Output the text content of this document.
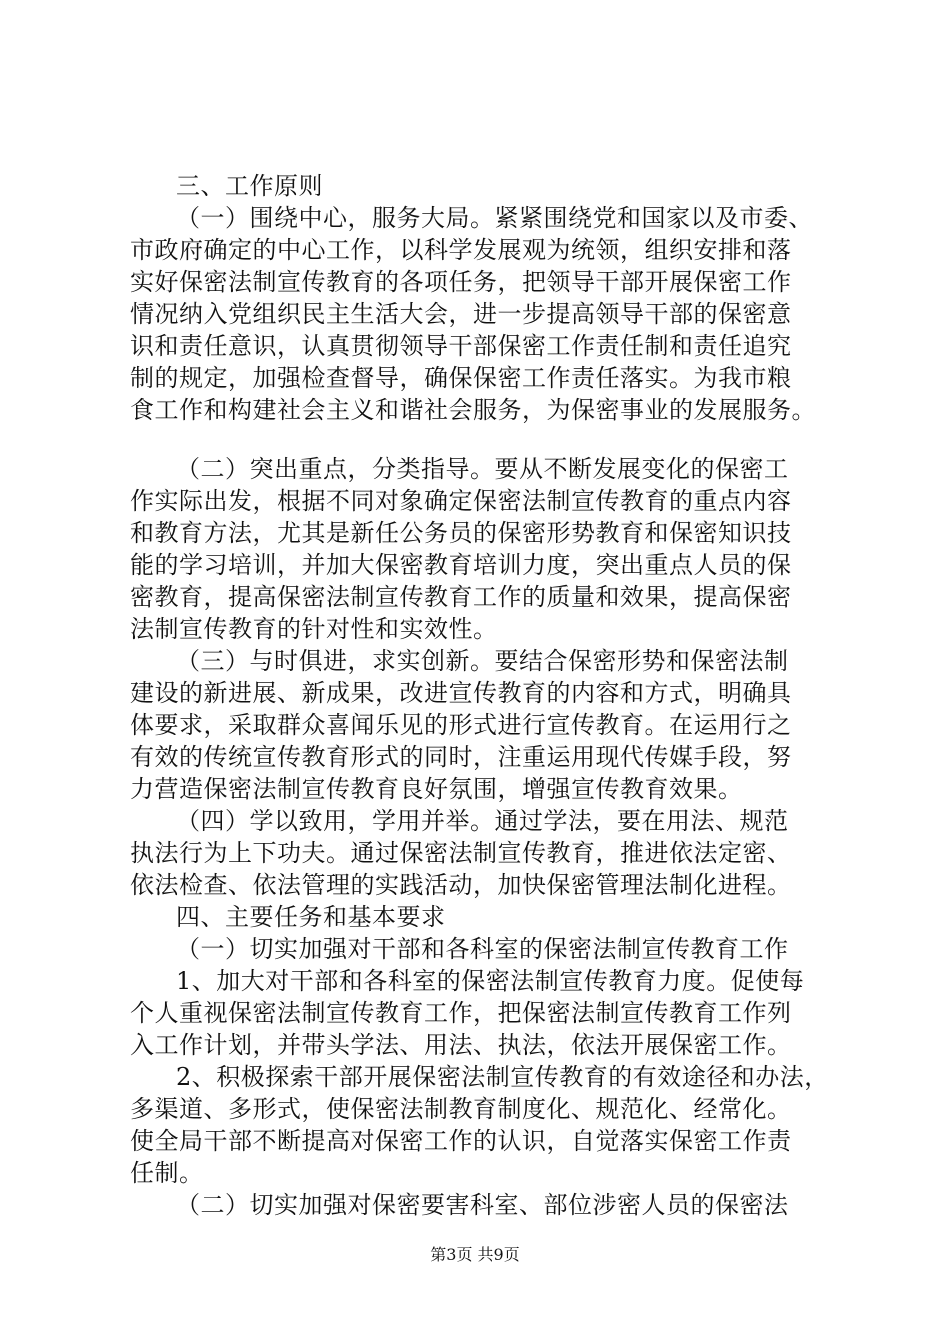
三、工作原则
（一）围绕中心，服务大局。紧紧围绕党和国家以及市委、
市政府确定的中心工作，以科学发展观为统领，组织安排和落
实好保密法制宣传教育的各项任务，把领导干部开展保密工作
情况纳入党组织民主生活大会，进一步提高领导干部的保密意
识和责任意识，认真贯彻领导干部保密工作责任制和责任追究
制的规定，加强检查督导，确保保密工作责任落实。为我市粮
食工作和构建社会主义和谐社会服务，为保密事业的发展服务。
（二）突出重点，分类指导。要从不断发展变化的保密工
作实际出发，根据不同对象确定保密法制宣传教育的重点内容
和教育方法，尤其是新任公务员的保密形势教育和保密知识技
能的学习培训，并加大保密教育培训力度，突出重点人员的保
密教育，提高保密法制宣传教育工作的质量和效果，提高保密
法制宣传教育的针对性和实效性。
（三）与时俱进，求实创新。要结合保密形势和保密法制
建设的新进展、新成果，改进宣传教育的内容和方式，明确具
体要求，采取群众喜闻乐见的形式进行宣传教育。在运用行之
有效的传统宣传教育形式的同时，注重运用现代传媒手段，努
力营造保密法制宣传教育良好氛围，增强宣传教育效果。
（四）学以致用，学用并举。通过学法，要在用法、规范
执法行为上下功夫。通过保密法制宣传教育，推进依法定密、
依法检查、依法管理的实践活动，加快保密管理法制化进程。
四、主要任务和基本要求
（一）切实加强对干部和各科室的保密法制宣传教育工作
1、加大对干部和各科室的保密法制宣传教育力度。促使每
个人重视保密法制宣传教育工作，把保密法制宣传教育工作列
入工作计划，并带头学法、用法、执法，依法开展保密工作。
2、积极探索干部开展保密法制宣传教育的有效途径和办法，
多渠道、多形式，使保密法制教育制度化、规范化、经常化。
使全局干部不断提高对保密工作的认识，自觉落实保密工作责
任制。
（二）切实加强对保密要害科室、部位涉密人员的保密法
第3页 共9页
